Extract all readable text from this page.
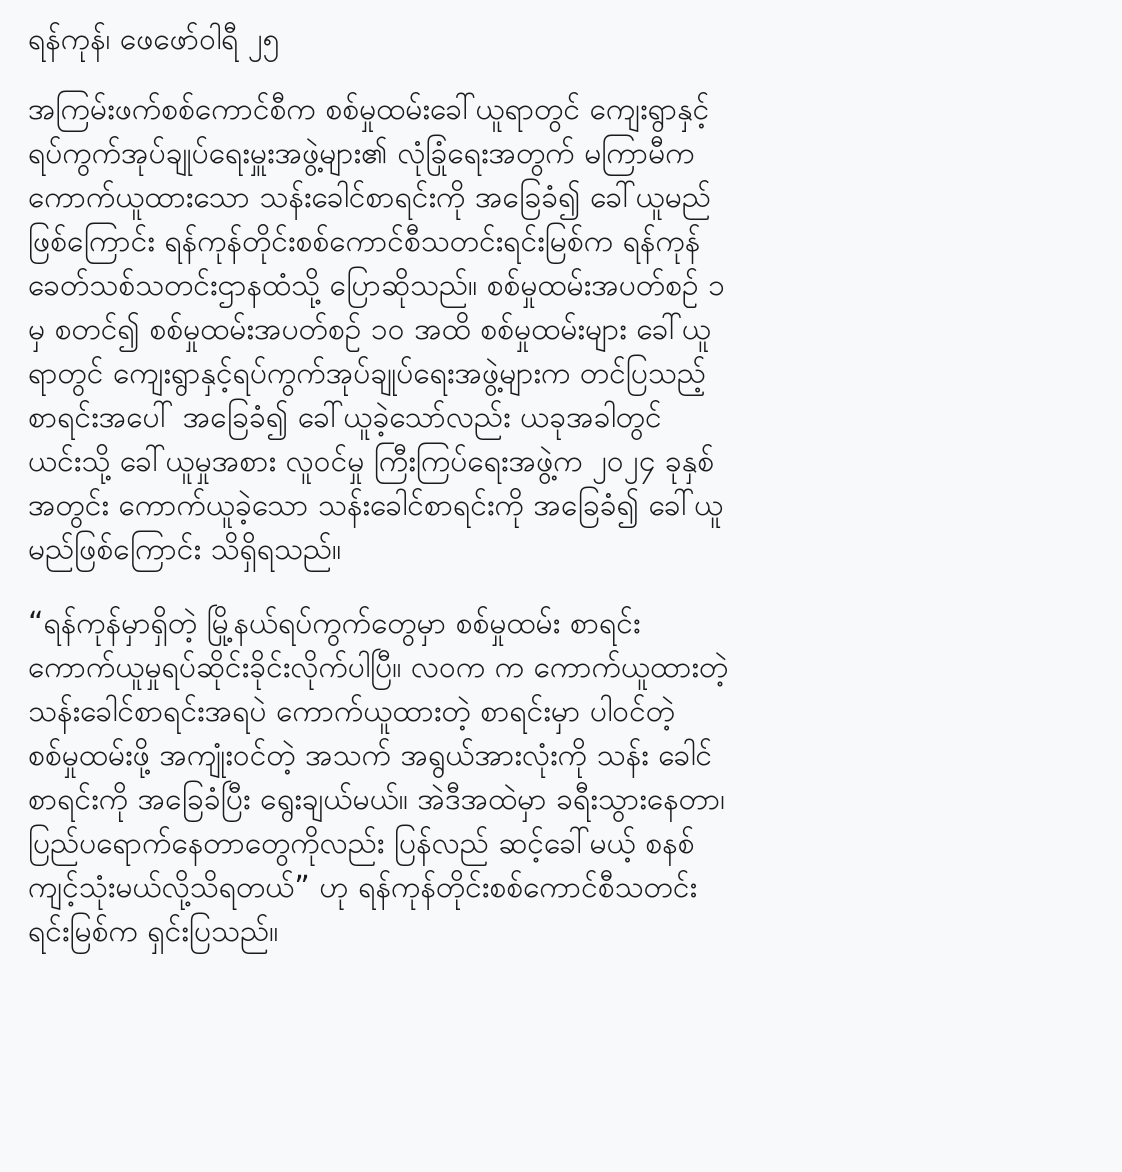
ရန်ကုန်၊ ဖေဖော်ဝါရီ ၂၅
အကြမ်းဖက်စစ်ကောင်စီက စစ်မှုထမ်းခေါ်ယူရာတွင် ကျေးရွာနှင့်
ရပ်ကွက်အုပ်ချုပ်ရေးမှူးအဖွဲ့များ၏ လုံခြုံရေးအတွက် မကြာမီက
ကောက်ယူထားသော သန်းခေါင်စာရင်းကို အခြေခံ၍ ခေါ်ယူမည်
ဖြစ်ကြောင်း ရန်ကုန်တိုင်းစစ်ကောင်စီသတင်းရင်းမြစ်က ရန်ကုန်
ခေတ်သစ်သတင်းဌာနထံသို့ ပြောဆိုသည်။ စစ်မှုထမ်းအပတ်စဉ် ၁
မှ စတင်၍ စစ်မှုထမ်းအပတ်စဉ် ၁၀ အထိ စစ်မှုထမ်းများ ခေါ်ယူ
ရာတွင် ကျေးရွာနှင့်ရပ်ကွက်အုပ်ချုပ်ရေးအဖွဲ့များက တင်ပြသည့်
စာရင်းအပေါ် အခြေခံ၍ ခေါ်ယူခဲ့သော်လည်း ယခုအခါတွင်
ယင်းသို့ ခေါ်ယူမှုအစား လူဝင်မှု ကြီးကြပ်ရေးအဖွဲ့က ၂၀၂၄ ခုနှစ်
အတွင်း ကောက်ယူခဲ့သော သန်းခေါင်စာရင်းကို အခြေခံ၍ ခေါ်ယူ
မည်ဖြစ်ကြောင်း သိရှိရသည်။
“ရန်ကုန်မှာရှိတဲ့ မြို့နယ်ရပ်ကွက်တွေမှာ စစ်မှုထမ်း စာရင်း
ကောက်ယူမှုရပ်ဆိုင်းခိုင်းလိုက်ပါပြီ။ လဝက က ကောက်ယူထားတဲ့
သန်းခေါင်စာရင်းအရပဲ ကောက်ယူထားတဲ့ စာရင်းမှာ ပါဝင်တဲ့
စစ်မှုထမ်းဖို့ အကျုံးဝင်တဲ့ အသက် အရွယ်အားလုံးကို သန်း ခေါင်
စာရင်းကို အခြေခံပြီး ရွေးချယ်မယ်။ အဲဒီအထဲမှာ ခရီးသွားနေတာ၊
ပြည်ပရောက်နေတာတွေကိုလည်း ပြန်လည် ဆင့်ခေါ်မယ့် စနစ်
ကျင့်သုံးမယ်လို့သိရတယ်” ဟု ရန်ကုန်တိုင်းစစ်ကောင်စီသတင်း
ရင်းမြစ်က ရှင်းပြသည်။
